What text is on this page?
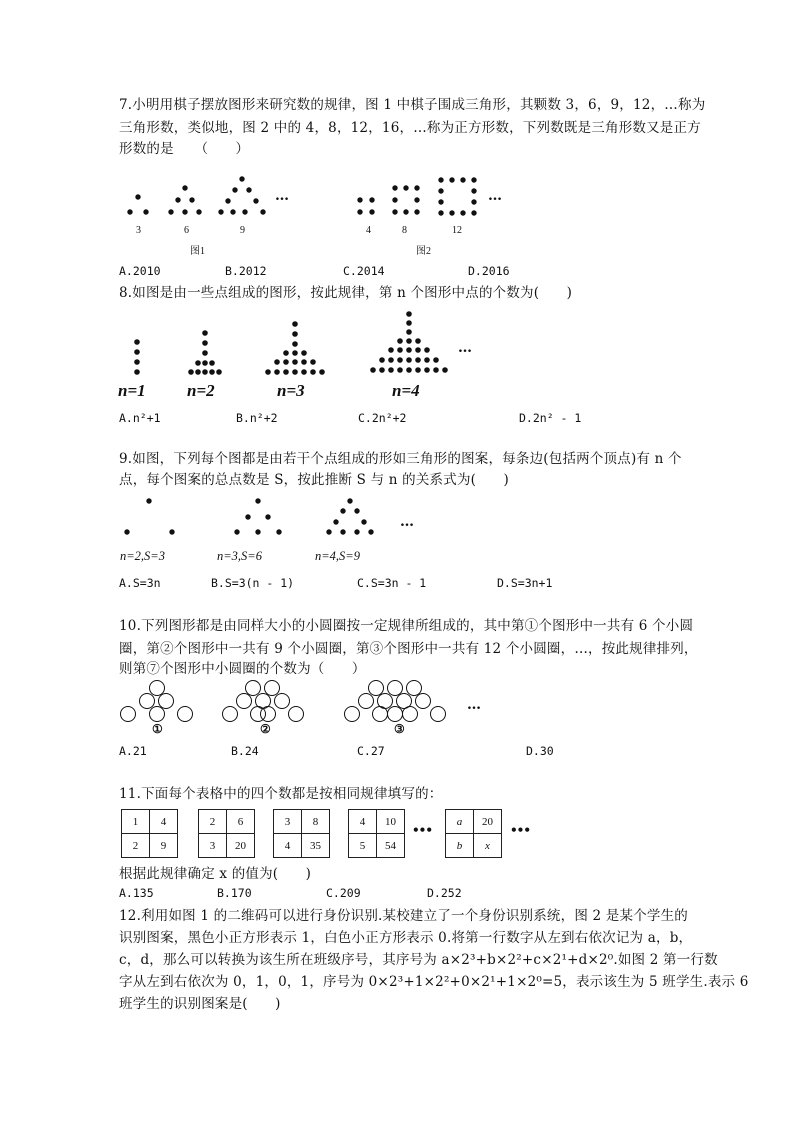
7.小明用棋子摆放图形来研究数的规律，图 1 中棋子围成三角形，其颗数 3，6，9，12，…称为
三角形数，类似地，图 2 中的 4，8，12，16，…称为正方形数，下列数既是三角形数又是正方
形数的是　　（　　）
…
3	6	9
图1
…
4	8	12
图2
A.2010	B.2012	C.2014	D.2016
8.如图是由一些点组成的图形，按此规律，第 n 个图形中点的个数为(　　)
…
n=1 n=2	n=3	n=4
A.n²+1	B.n²+2	C.2n²+2	D.2n² - 1
9.如图，下列每个图都是由若干个点组成的形如三角形的图案，每条边(包括两个顶点)有 n 个
点，每个图案的总点数是 S，按此推断 S 与 n 的关系式为(　　)
…
n=2,S=3	n=3,S=6	n=4,S=9
A.S=3n	B.S=3(n - 1)	C.S=3n - 1	D.S=3n+1
10.下列图形都是由同样大小的小圆圈按一定规律所组成的，其中第①个图形中一共有 6 个小圆
圈，第②个图形中一共有 9 个小圆圈，第③个图形中一共有 12 个小圆圈，…，按此规律排列，
则第⑦个图形中小圆圈的个数为（　　）
…
①	②	③
A.21	B.24	C.27	D.30
11.下面每个表格中的四个数都是按相同规律填写的：
1	4
2	9
2	6
3	20
3	8
4	35
4	10
5	54
•••
a	20
b	x
•••
根据此规律确定 x 的值为(　　)
A.135	B.170	C.209	D.252
12.利用如图 1 的二维码可以进行身份识别.某校建立了一个身份识别系统，图 2 是某个学生的
识别图案，黑色小正方形表示 1，白色小正方形表示 0.将第一行数字从左到右依次记为 a，b，
c，d，那么可以转换为该生所在班级序号，其序号为 a×2³+b×2²+c×2¹+d×2⁰.如图 2 第一行数
字从左到右依次为 0，1，0，1，序号为 0×2³+1×2²+0×2¹+1×2⁰=5，表示该生为 5 班学生.表示 6
班学生的识别图案是(　　)
